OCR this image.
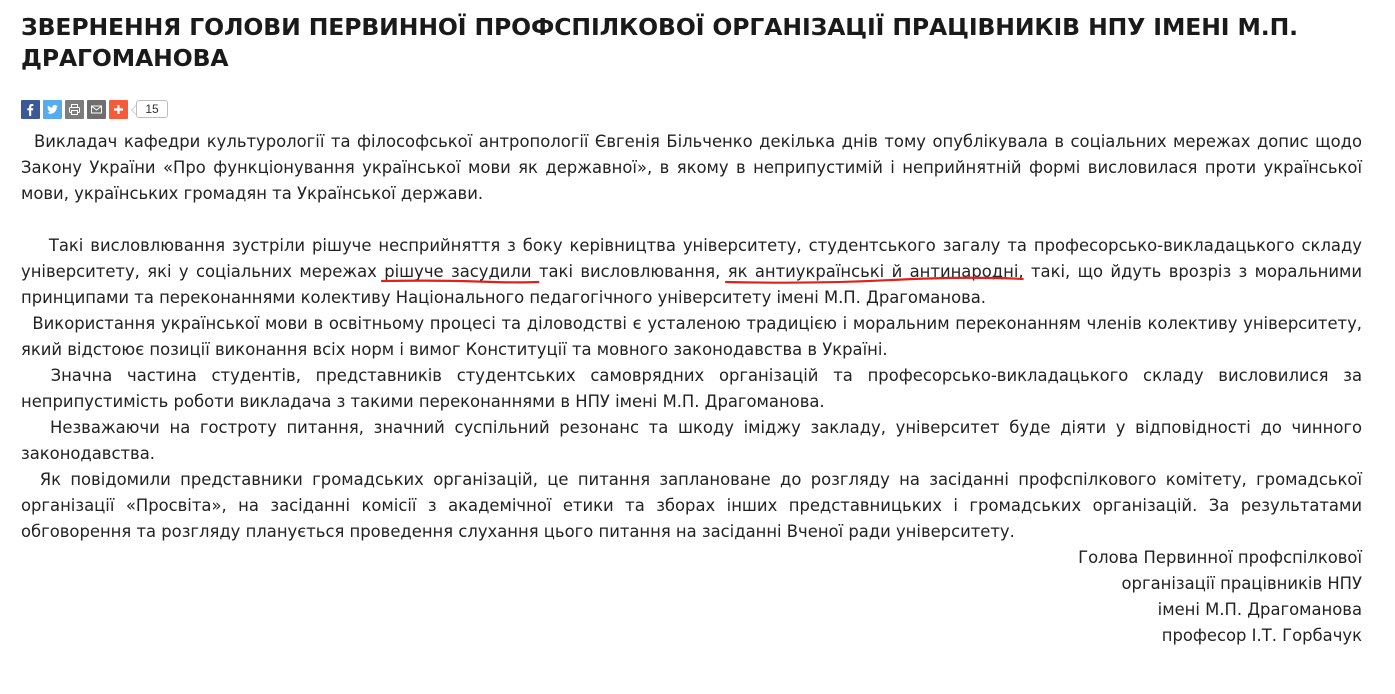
ЗВЕРНЕННЯ ГОЛОВИ ПЕРВИННОЇ ПРОФСПІЛКОВОЇ ОРГАНІЗАЦІЇ ПРАЦІВНИКІВ НПУ ІМЕНІ М.П. ДРАГОМАНОВА
15

Викладач кафедри культурології та філософської антропології Євгенія Більченко декілька днів тому опублікувала в соціальних мережах допис щодо Закону України «Про функціонування української мови як державної», в якому в неприпустимій і неприйнятній формі висловилася проти української мови, українських громадян та Української держави.

Такі висловлювання зустріли рішуче несприйняття з боку керівництва університету, студентського загалу та професорсько-викладацького складу університету, які у соціальних мережах рішуче засудили такі висловлювання, як антиукраїнські й антинародні, такі, що йдуть врозріз з моральними принципами та переконаннями колективу Національного педагогічного університету імені М.П. Драгоманова.

Використання української мови в освітньому процесі та діловодстві є усталеною традицією і моральним переконанням членів колективу університету, який відстоює позиції виконання всіх норм і вимог Конституції та мовного законодавства в Україні.

Значна частина студентів, представників студентських самоврядних організацій та професорсько-викладацького складу висловилися за неприпустимість роботи викладача з такими переконаннями в НПУ імені М.П. Драгоманова.

Незважаючи на гостроту питання, значний суспільний резонанс та шкоду іміджу закладу, університет буде діяти у відповідності до чинного законодавства.

Як повідомили представники громадських організацій, це питання заплановане до розгляду на засіданні профспілкового комітету, громадської організації «Просвіта», на засіданні комісії з академічної етики та зборах інших представницьких і громадських організацій. За результатами обговорення та розгляду планується проведення слухання цього питання на засіданні Вченої ради університету.

Голова Первинної профспілкової
організації працівників НПУ
імені М.П. Драгоманова
професор І.Т. Горбачук
